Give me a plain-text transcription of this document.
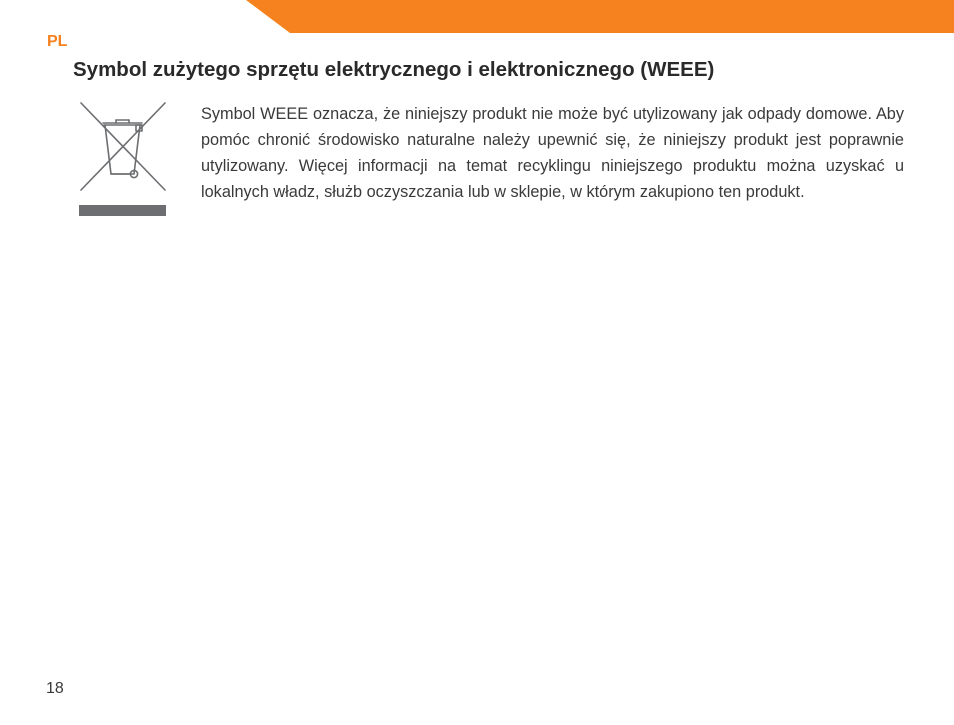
PL
Symbol zużytego sprzętu elektrycznego i elektronicznego (WEEE)

Symbol WEEE oznacza, że niniejszy produkt nie może być utylizowany jak odpady domowe. Aby pomóc chronić środowisko naturalne należy upewnić się, że niniejszy produkt jest poprawnie utylizowany. Więcej informacji na temat recyklingu niniejszego produktu można uzyskać u lokalnych władz, służb oczyszczania lub w sklepie, w którym zakupiono ten produkt.

18
